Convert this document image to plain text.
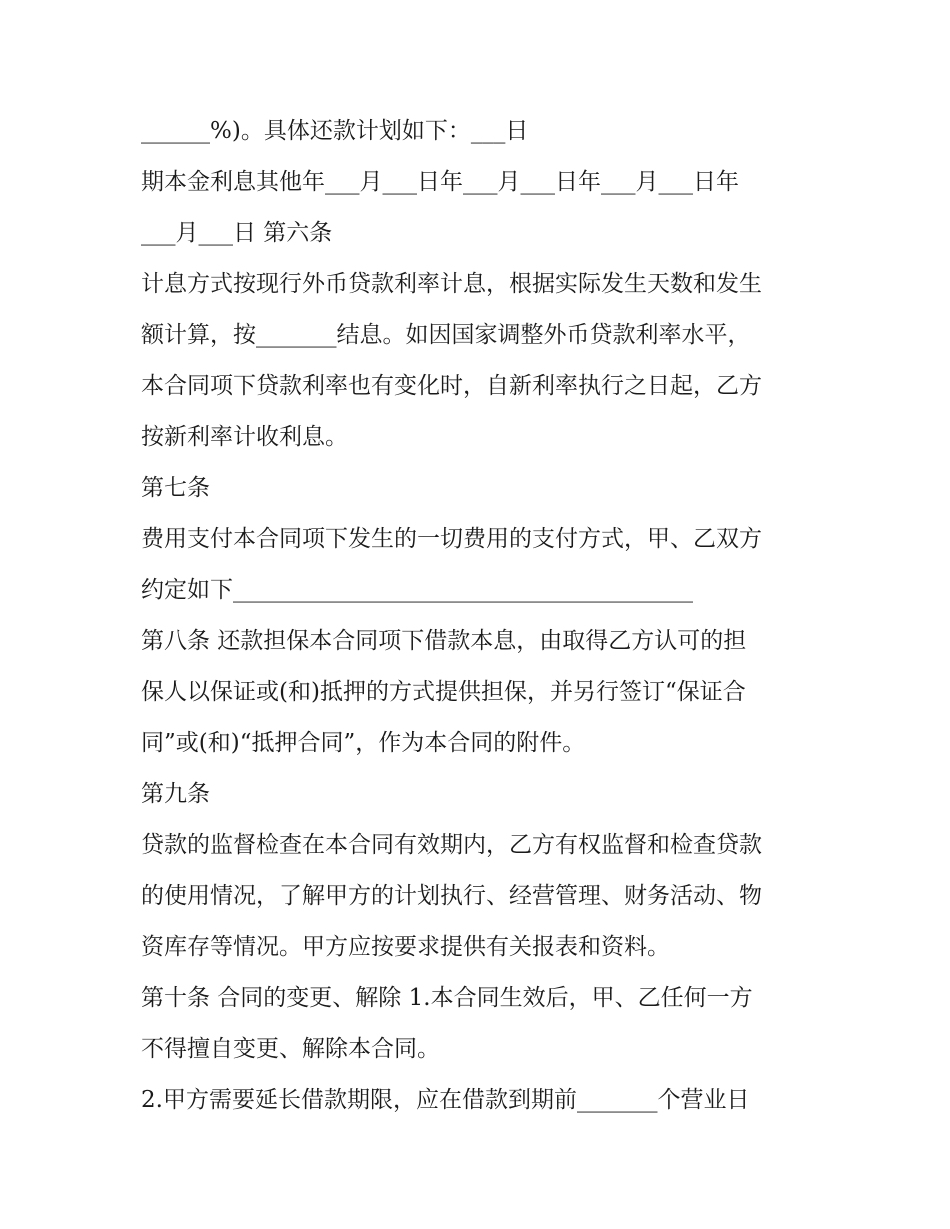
______%)。具体还款计划如下：___日
期本金利息其他年___月___日年___月___日年___月___日年
___月___日 第六条
计息方式按现行外币贷款利率计息，根据实际发生天数和发生
额计算，按_______结息。如因国家调整外币贷款利率水平，
本合同项下贷款利率也有变化时，自新利率执行之日起，乙方
按新利率计收利息。
第七条
费用支付本合同项下发生的一切费用的支付方式，甲、乙双方
约定如下________________________________________
第八条 还款担保本合同项下借款本息，由取得乙方认可的担
保人以保证或(和)抵押的方式提供担保，并另行签订“保证合
同”或(和)“抵押合同”，作为本合同的附件。
第九条
贷款的监督检查在本合同有效期内，乙方有权监督和检查贷款
的使用情况，了解甲方的计划执行、经营管理、财务活动、物
资库存等情况。甲方应按要求提供有关报表和资料。
第十条 合同的变更、解除 1.本合同生效后，甲、乙任何一方
不得擅自变更、解除本合同。
2.甲方需要延长借款期限，应在借款到期前_______个营业日
